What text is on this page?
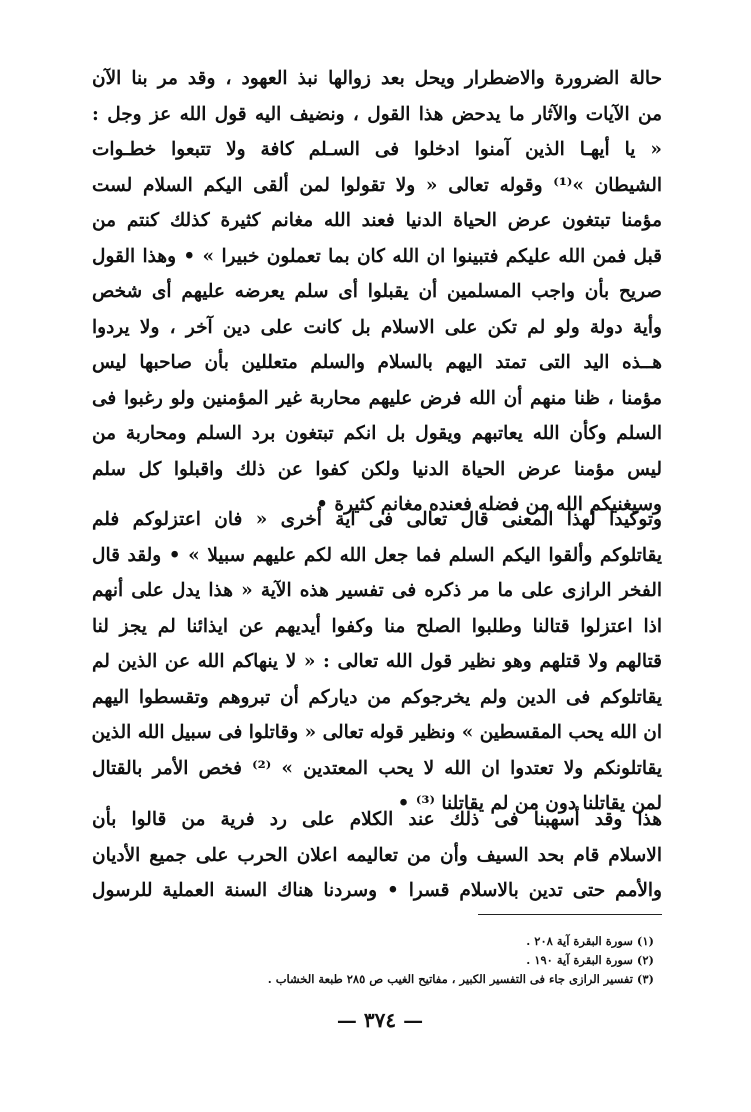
حالة الضرورة والاضطرار ويحل بعد زوالها نبذ العهود ، وقد مر بنا الآن
من الآيات والآثار ما يدحض هذا القول ، ونضيف اليه قول الله عز وجل :
« يا أيهـا الذين آمنوا ادخلوا فى السـلم كافة ولا تتبعوا خطـوات
الشيطان »⁽¹⁾ وقوله تعالى « ولا تقولوا لمن ألقى اليكم السلام لست
مؤمنا تبتغون عرض الحياة الدنيا فعند الله مغانم كثيرة كذلك كنتم من
قبل فمن الله عليكم فتبينوا ان الله كان بما تعملون خبيرا » • وهذا القول
صريح بأن واجب المسلمين أن يقبلوا أى سلم يعرضه عليهم أى شخص
وأية دولة ولو لم تكن على الاسلام بل كانت على دين آخر ، ولا يردوا
هــذه اليد التى تمتد اليهم بالسلام والسلم متعللين بأن صاحبها ليس
مؤمنا ، ظنا منهم أن الله فرض عليهم محاربة غير المؤمنين ولو رغبوا فى
السلم وكأن الله يعاتبهم ويقول بل انكم تبتغون برد السلم ومحاربة من
ليس مؤمنا عرض الحياة الدنيا ولكن كفوا عن ذلك واقبلوا كل سلم
وسيغنيكم الله من فضله فعنده مغانم كثيرة •

وتوكيدا لهذا المعنى قال تعالى فى آية أخرى « فان اعتزلوكم فلم
يقاتلوكم وألقوا اليكم السلم فما جعل الله لكم عليهم سبيلا » • ولقد قال
الفخر الرازى على ما مر ذكره فى تفسير هذه الآية « هذا يدل على أنهم
اذا اعتزلوا قتالنا وطلبوا الصلح منا وكفوا أيديهم عن ايذائنا لم يجز لنا
قتالهم ولا قتلهم وهو نظير قول الله تعالى : « لا ينهاكم الله عن الذين لم
يقاتلوكم فى الدين ولم يخرجوكم من دياركم أن تبروهم وتقسطوا اليهم
ان الله يحب المقسطين » ونظير قوله تعالى « وقاتلوا فى سبيل الله الذين
يقاتلونكم ولا تعتدوا ان الله لا يحب المعتدين » ⁽²⁾ فخص الأمر بالقتال
لمن يقاتلنا دون من لم يقاتلنا ⁽³⁾ •

هذا وقد أسهبنا فى ذلك عند الكلام على رد فرية من قالوا بأن
الاسلام قام بحد السيف وأن من تعاليمه اعلان الحرب على جميع الأديان
والأمم حتى تدين بالاسلام قسرا • وسردنا هناك السنة العملية للرسول

(١) سورة البقرة آية ٢٠٨ .
(٢) سورة البقرة آية ١٩٠ .
(٣) تفسير الرازى جاء فى التفسير الكبير ، مفاتيح الغيب ص ٢٨٥ طبعة الخشاب .
— ٣٧٤ —
